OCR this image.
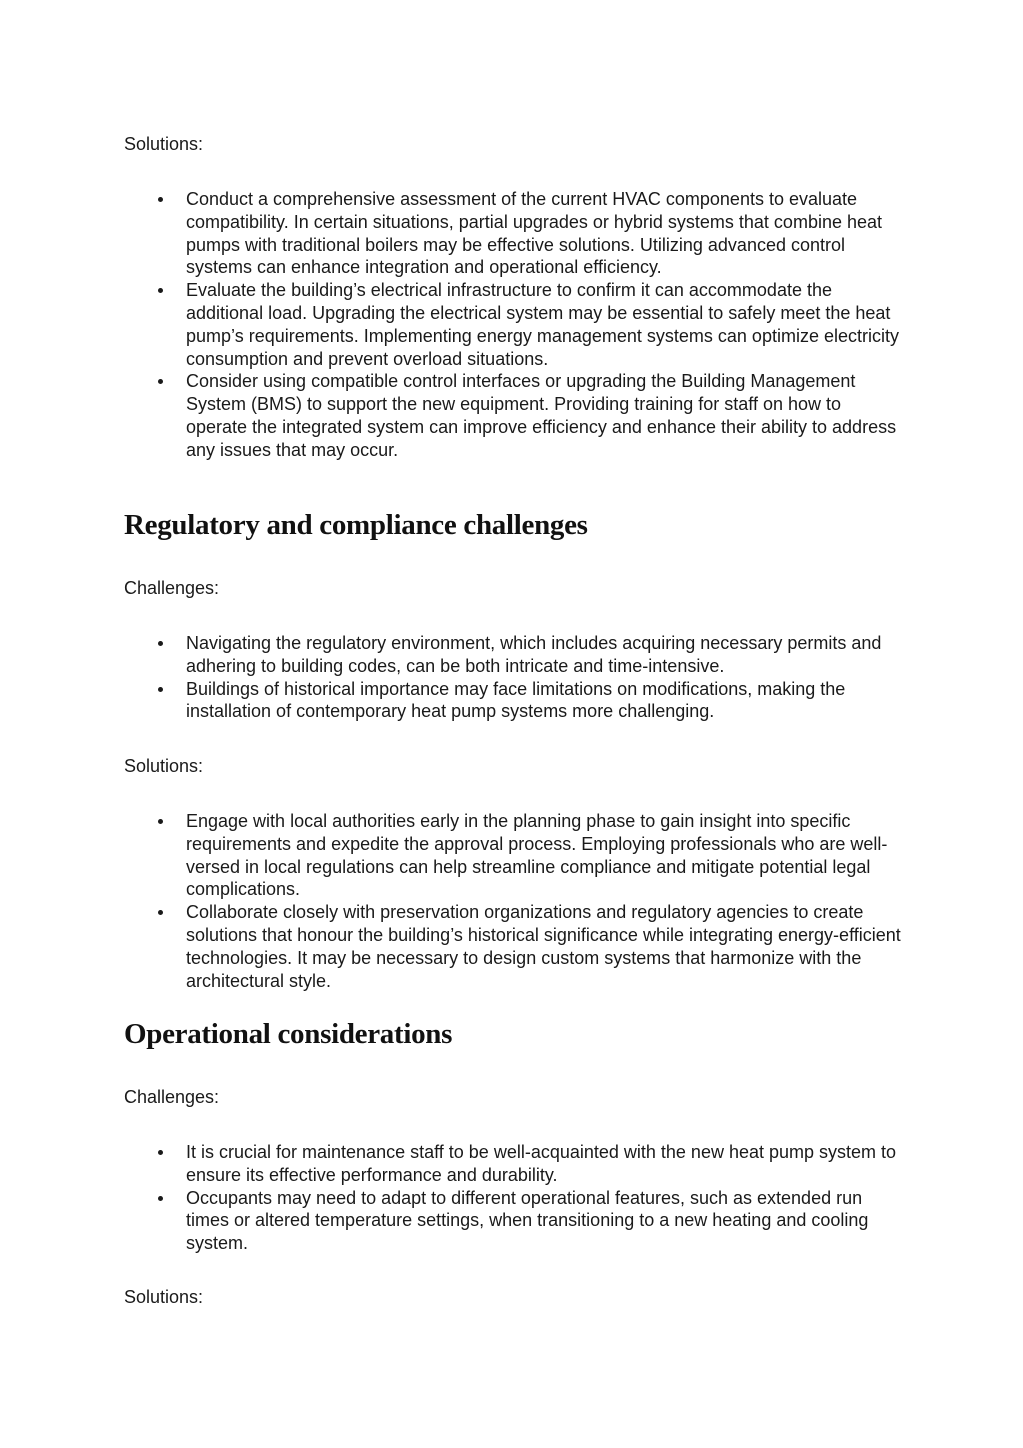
Solutions:

Conduct a comprehensive assessment of the current HVAC components to evaluate compatibility. In certain situations, partial upgrades or hybrid systems that combine heat pumps with traditional boilers may be effective solutions. Utilizing advanced control systems can enhance integration and operational efficiency.
Evaluate the building’s electrical infrastructure to confirm it can accommodate the additional load. Upgrading the electrical system may be essential to safely meet the heat pump’s requirements. Implementing energy management systems can optimize electricity consumption and prevent overload situations.
Consider using compatible control interfaces or upgrading the Building Management System (BMS) to support the new equipment. Providing training for staff on how to operate the integrated system can improve efficiency and enhance their ability to address any issues that may occur.
Regulatory and compliance challenges

Challenges:

Navigating the regulatory environment, which includes acquiring necessary permits and adhering to building codes, can be both intricate and time-intensive.
Buildings of historical importance may face limitations on modifications, making the installation of contemporary heat pump systems more challenging.

Solutions:

Engage with local authorities early in the planning phase to gain insight into specific requirements and expedite the approval process. Employing professionals who are well-versed in local regulations can help streamline compliance and mitigate potential legal complications.
Collaborate closely with preservation organizations and regulatory agencies to create solutions that honour the building’s historical significance while integrating energy-efficient technologies. It may be necessary to design custom systems that harmonize with the architectural style.
Operational considerations

Challenges:

It is crucial for maintenance staff to be well-acquainted with the new heat pump system to ensure its effective performance and durability.
Occupants may need to adapt to different operational features, such as extended run times or altered temperature settings, when transitioning to a new heating and cooling system.

Solutions:
